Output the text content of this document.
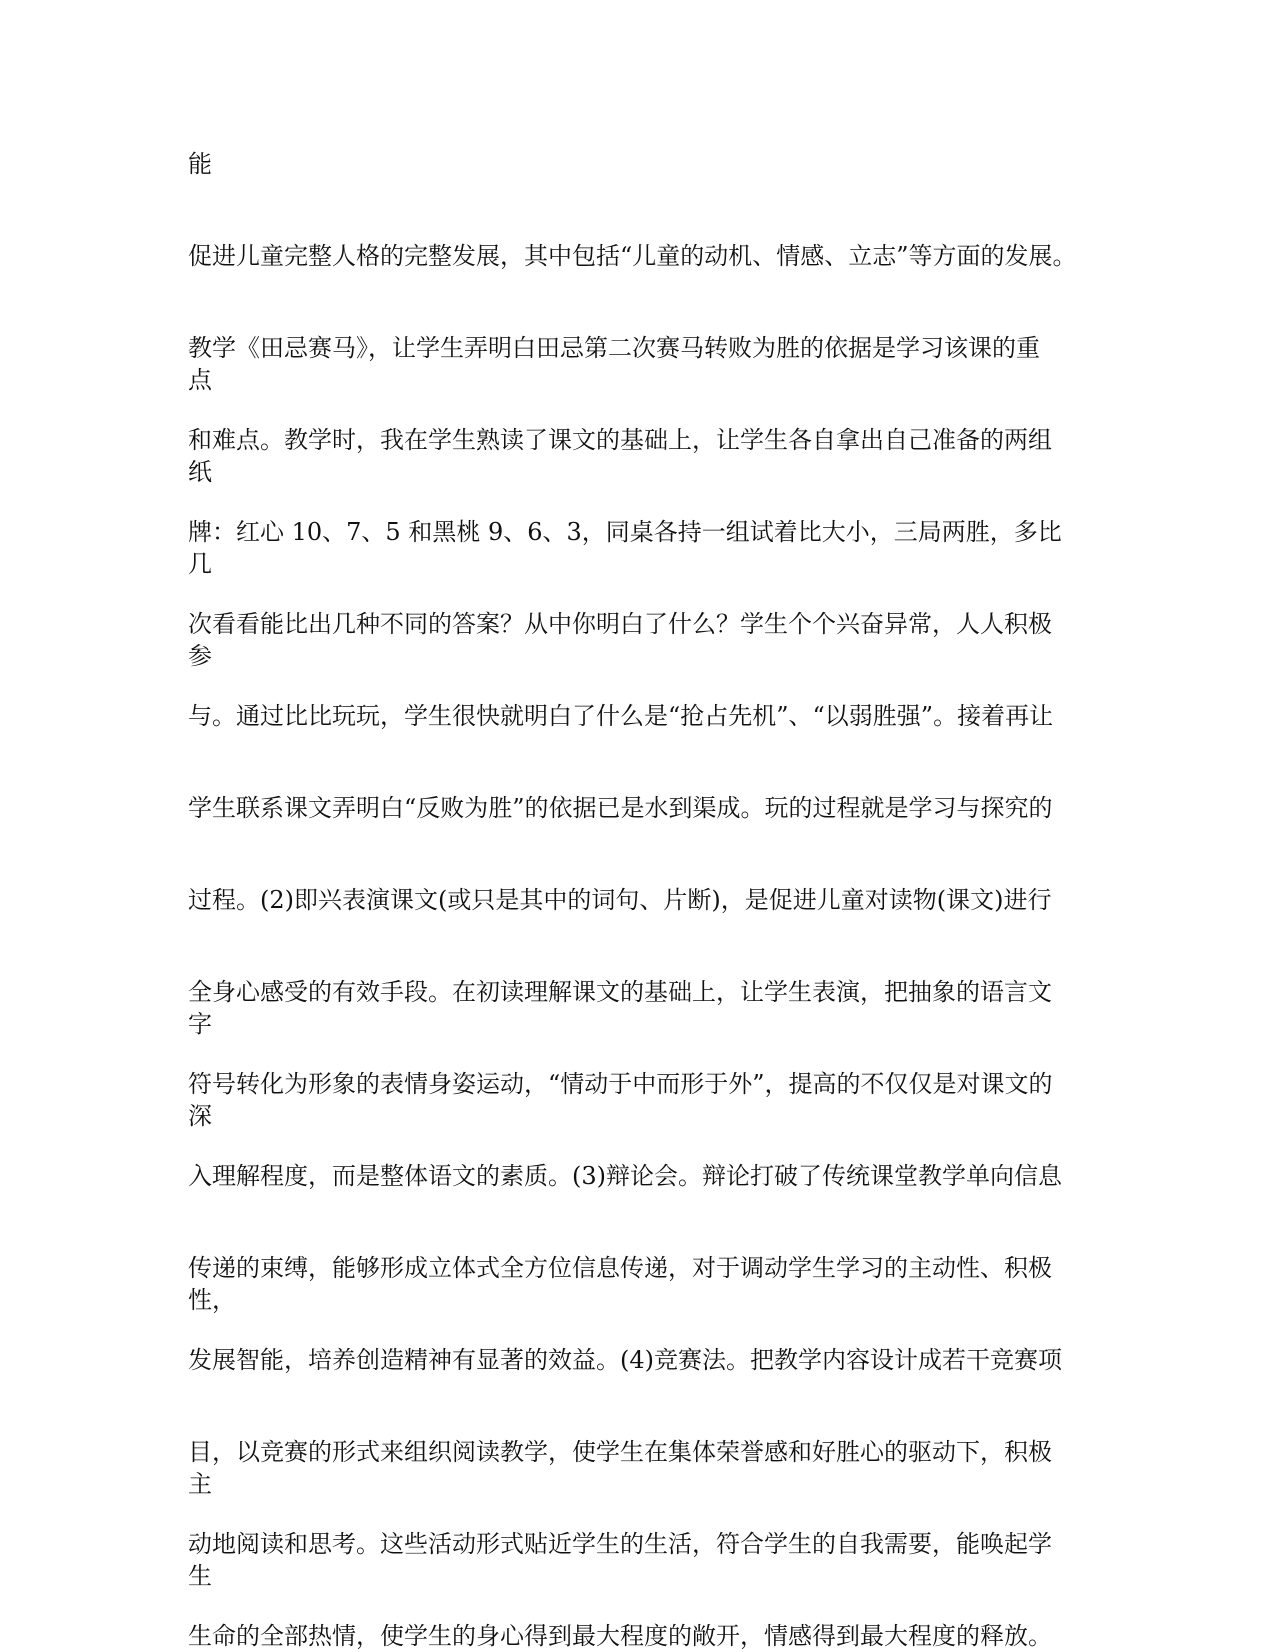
能

促进儿童完整人格的完整发展，其中包括“儿童的动机、情感、立志”等方面的发展。

教学《田忌赛马》，让学生弄明白田忌第二次赛马转败为胜的依据是学习该课的重

点

和难点。教学时，我在学生熟读了课文的基础上，让学生各自拿出自己准备的两组

纸

牌：红心 10、7、5 和黑桃 9、6、3，同桌各持一组试着比大小，三局两胜，多比

几

次看看能比出几种不同的答案？从中你明白了什么？学生个个兴奋异常，人人积极

参

与。通过比比玩玩，学生很快就明白了什么是“抢占先机”、“以弱胜强”。接着再让

学生联系课文弄明白“反败为胜”的依据已是水到渠成。玩的过程就是学习与探究的

过程。(2)即兴表演课文(或只是其中的词句、片断)，是促进儿童对读物(课文)进行

全身心感受的有效手段。在初读理解课文的基础上，让学生表演，把抽象的语言文

字

符号转化为形象的表情身姿运动，“情动于中而形于外”，提高的不仅仅是对课文的

深

入理解程度，而是整体语文的素质。(3)辩论会。辩论打破了传统课堂教学单向信息

传递的束缚，能够形成立体式全方位信息传递，对于调动学生学习的主动性、积极

性，

发展智能，培养创造精神有显著的效益。(4)竞赛法。把教学内容设计成若干竞赛项

目，以竞赛的形式来组织阅读教学，使学生在集体荣誉感和好胜心的驱动下，积极

主

动地阅读和思考。这些活动形式贴近学生的生活，符合学生的自我需要，能唤起学

生

生命的全部热情，使学生的身心得到最大程度的敞开，情感得到最大程度的释放。
